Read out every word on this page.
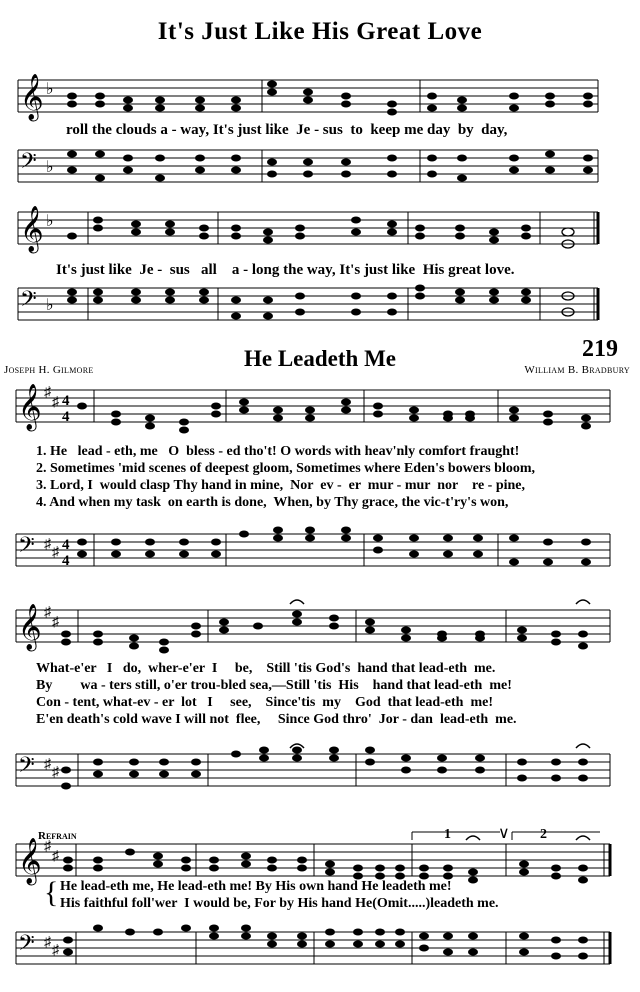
It's Just Like His Great Love
𝄞 ♭
roll the clouds a - way, It's just like  Je - sus  to  keep me day  by  day,
𝄢 ♭
𝄞 ♭
It's just like  Je -  sus   all    a - long the way, It's just like  His great love.
𝄢 ♭
He Leadeth Me	219
Joseph H. Gilmore	William B. Bradbury
𝄞 ♯
♯ 4
4
1. He   lead - eth, me   O  bless - ed tho't! O words with heav'nly comfort fraught!
2. Sometimes 'mid scenes of deepest gloom, Sometimes where Eden's bowers bloom,
3. Lord, I  would clasp Thy hand in mine,  Nor  ev -  er  mur - mur  nor    re - pine,
4. And when my task  on earth is done,  When, by Thy grace, the vic-t'ry's won,
𝄢 ♯
♯ 4
4
𝄞 ♯
♯
What-e'er   I   do,  wher-e'er  I     be,    Still 'tis God's  hand that lead-eth  me.
By        wa - ters still, o'er trou-bled sea,—Still 'tis  His    hand that lead-eth  me!
Con - tent, what-ev - er  lot   I     see,    Since'tis  my    God  that lead-eth  me!
E'en death's cold wave I will not  flee,     Since God thro'  Jor - dan  lead-eth  me.
𝄢 ♯
♯
Refrain
𝄞 ♯
♯
∨
1	2
{ He lead-eth me, He lead-eth me! By His own hand He leadeth me!
His faithful foll'wer  I would be, For by His hand He(Omit.....)leadeth me.
𝄢 ♯
♯
